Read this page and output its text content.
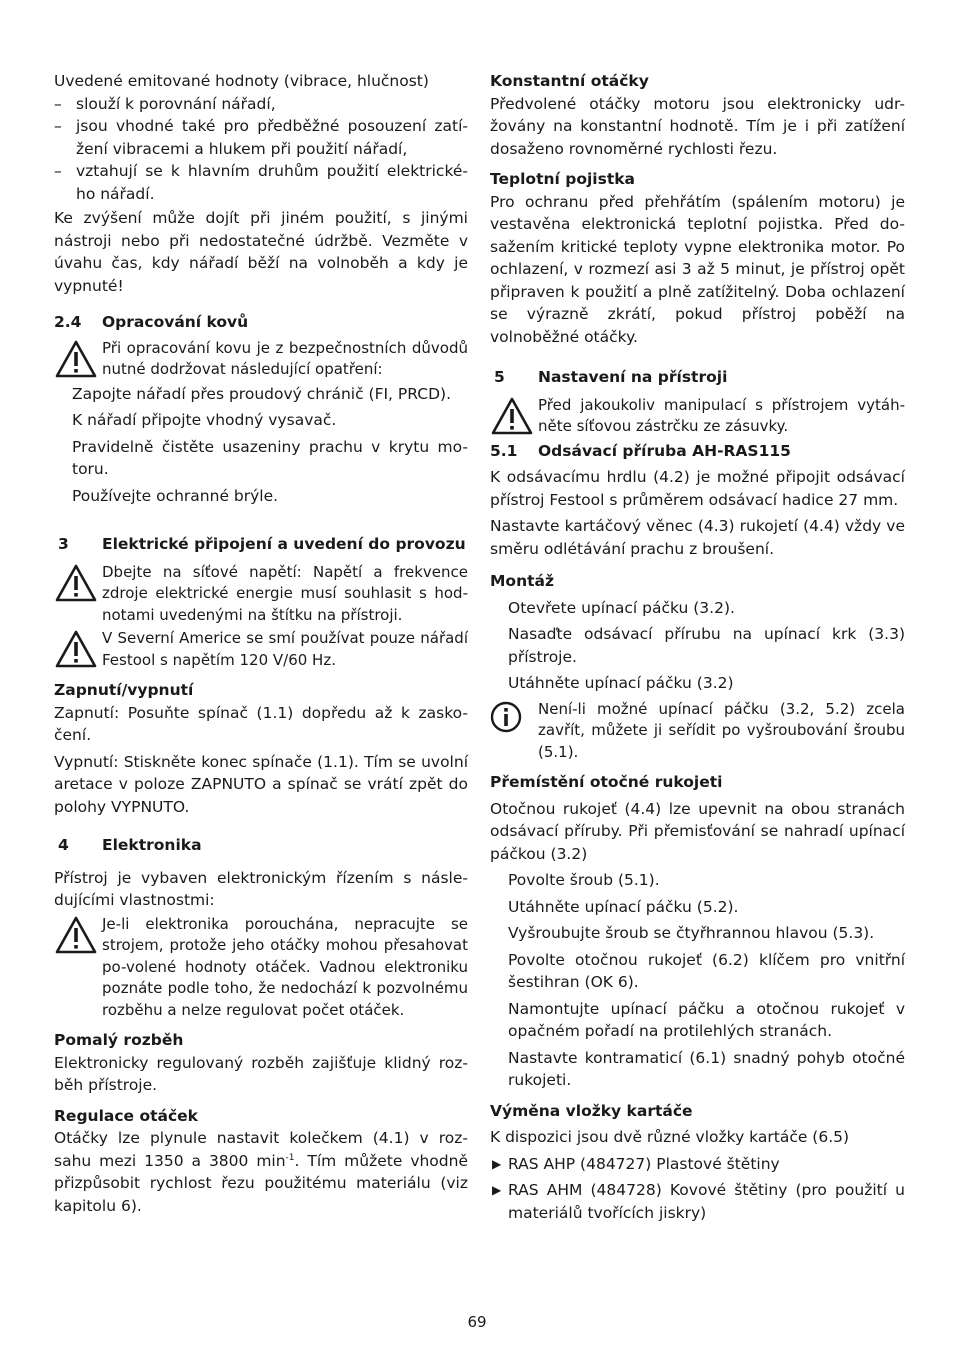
Uvedené emitované hodnoty (vibrace, hlučnost)

– slouží k porovnání nářadí,
– jsou vhodné také pro předběžné posouzení zatí-žení vibracemi a hlukem při použití nářadí,
– vztahují se k hlavním druhům použití elektrické-ho nářadí.

Ke zvýšení může dojít při jiném použití, s jinými nástroji nebo při nedostatečné údržbě. Vezměte v úvahu čas, kdy nářadí běží na volnoběh a kdy je vypnuté!

2.4	Opracování kovů
Při opracování kovu je z bezpečnostních důvodů nutné dodržovat následující opatření:

Zapojte nářadí přes proudový chránič (FI, PRCD).

K nářadí připojte vhodný vysavač.

Pravidelně čistěte usazeniny prachu v krytu mo-toru.

Používejte ochranné brýle.

3	Elektrické připojení a uvedení do provozu
Dbejte na síťové napětí: Napětí a frekvence zdroje elektrické energie musí souhlasit s hod-notami uvedenými na štítku na přístroji.
V Severní Americe se smí používat pouze nářadí Festool s napětím 120 V/60 Hz.

Zapnutí/vypnutí

Zapnutí: Posuňte spínač (1.1) dopředu až k zasko-čení.

Vypnutí: Stiskněte konec spínače (1.1). Tím se uvolní aretace v poloze ZAPNUTO a spínač se vrátí zpět do polohy VYPNUTO.

4	Elektronika

Přístroj je vybaven elektronickým řízením s násle-dujícími vlastnostmi:

Je-li elektronika porouchána, nepracujte se strojem, protože jeho otáčky mohou přesahovat po-volené hodnoty otáček. Vadnou elektroniku poznáte podle toho, že nedochází k pozvolnému rozběhu a nelze regulovat počet otáček.

Pomalý rozběh

Elektronicky regulovaný rozběh zajišťuje klidný roz-běh přístroje.

Regulace otáček

Otáčky lze plynule nastavit kolečkem (4.1) v roz-sahu mezi 1350 a 3800 $\min^{-1}$. Tím můžete vhodně přizpůsobit rychlost řezu použitému materiálu (viz kapitolu 6).

Konstantní otáčky

Předvolené otáčky motoru jsou elektronicky udr-žovány na konstantní hodnotě. Tím je i při zatížení dosaženo rovnoměrné rychlosti řezu.

Teplotní pojistka

Pro ochranu před přehřátím (spálením motoru) je vestavěna elektronická teplotní pojistka. Před do-sažením kritické teploty vypne elektronika motor. Po ochlazení, v rozmezí asi 3 až 5 minut, je přístroj opět připraven k použití a plně zatížitelný. Doba ochlazení se výrazně zkrátí, pokud přístroj poběží na volnoběžné otáčky.

5	Nastavení na přístroji
Před jakoukoliv manipulací s přístrojem vytáh-něte síťovou zástrčku ze zásuvky.
5.1	Odsávací příruba AH-RAS115

K odsávacímu hrdlu (4.2) je možné připojit odsávací přístroj Festool s průměrem odsávací hadice 27 mm.

Nastavte kartáčový věnec (4.3) rukojetí (4.4) vždy ve směru odlétávání prachu z broušení.

Montáž

Otevřete upínací páčku (3.2).

Nasaďte odsávací přírubu na upínací krk (3.3) přístroje.

Utáhněte upínací páčku (3.2)

Není-li možné upínací páčku (3.2, 5.2) zcela zavřít, můžete ji seřídit po vyšroubování šroubu (5.1).

Přemístění otočné rukojeti

Otočnou rukojeť (4.4) lze upevnit na obou stranách odsávací příruby. Při přemisťování se nahradí upínací páčkou (3.2)

Povolte šroub (5.1).

Utáhněte upínací páčku (5.2).

Vyšroubujte šroub se čtyřhrannou hlavou (5.3).

Povolte otočnou rukojeť (6.2) klíčem pro vnitřní šestihran (OK 6).

Namontujte upínací páčku a otočnou rukojeť v opačném pořadí na protilehlých stranách.

Nastavte kontramaticí (6.1) snadný pohyb otočné rukojeti.

Výměna vložky kartáče

K dispozici jsou dvě různé vložky kartáče (6.5)

▶ RAS AHP (484727) Plastové štětiny
▶ RAS AHM (484728) Kovové štětiny (pro použití u materiálů tvořících jiskry)
69
